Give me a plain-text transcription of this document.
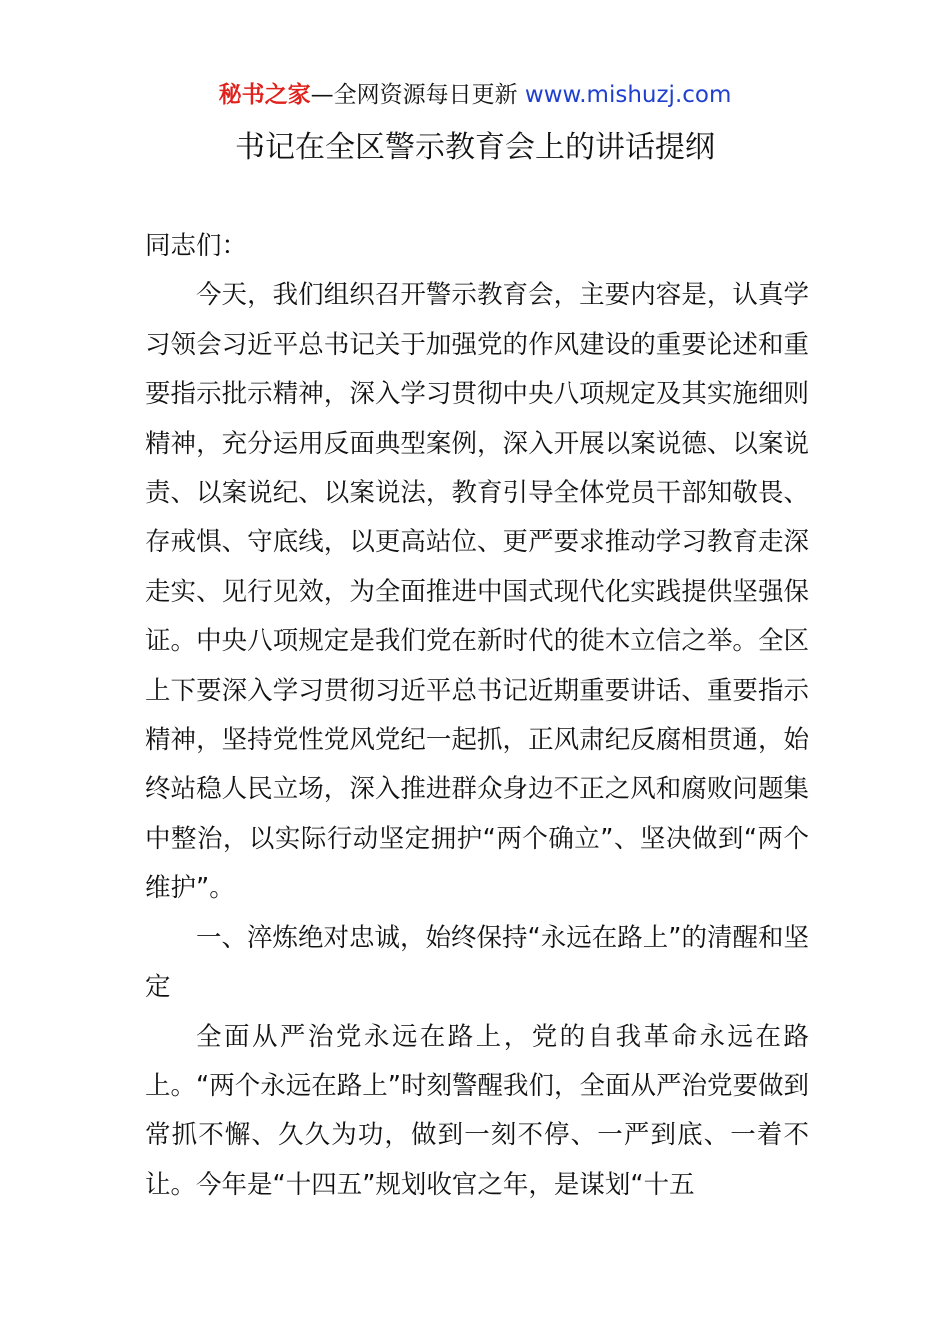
秘书之家—全网资源每日更新 www.mishuzj.com
书记在全区警示教育会上的讲话提纲

同志们：

今天，我们组织召开警示教育会，主要内容是，认真学习领会习近平总书记关于加强党的作风建设的重要论述和重要指示批示精神，深入学习贯彻中央八项规定及其实施细则精神，充分运用反面典型案例，深入开展以案说德、以案说责、以案说纪、以案说法，教育引导全体党员干部知敬畏、存戒惧、守底线，以更高站位、更严要求推动学习教育走深走实、见行见效，为全面推进中国式现代化实践提供坚强保证。中央八项规定是我们党在新时代的徙木立信之举。全区上下要深入学习贯彻习近平总书记近期重要讲话、重要指示精神，坚持党性党风党纪一起抓，正风肃纪反腐相贯通，始终站稳人民立场，深入推进群众身边不正之风和腐败问题集中整治，以实际行动坚定拥护“两个确立”、坚决做到“两个维护”。

一、淬炼绝对忠诚，始终保持“永远在路上”的清醒和坚定

全面从严治党永远在路上，党的自我革命永远在路上。“两个永远在路上”时刻警醒我们，全面从严治党要做到常抓不懈、久久为功，做到一刻不停、一严到底、一着不让。今年是“十四五”规划收官之年，是谋划“十五
